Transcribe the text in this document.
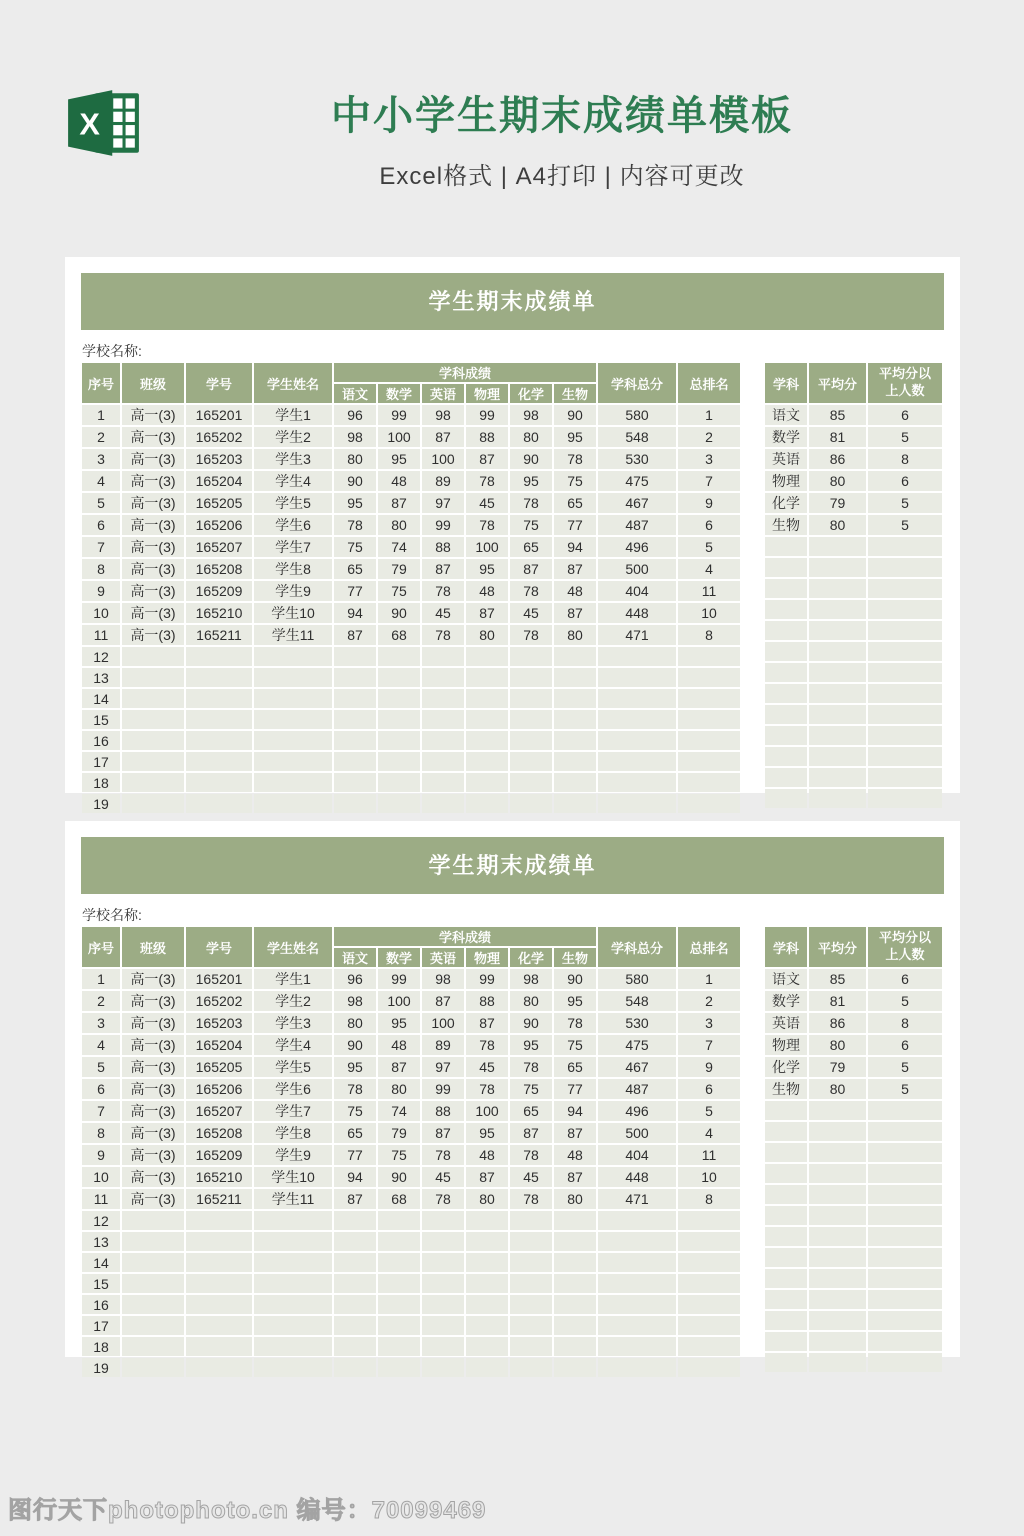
X	中小学生期末成绩单模板
Excel格式 | A4打印 | 内容可更改
学生期末成绩单
学校名称:
序号	班级	学号	学生姓名	学科成绩						学科总分	总排名
				语文	数学	英语	物理	化学	生物		
1	高一(3)	165201	学生1	96	99	98	99	98	90	580	1
2	高一(3)	165202	学生2	98	100	87	88	80	95	548	2
3	高一(3)	165203	学生3	80	95	100	87	90	78	530	3
4	高一(3)	165204	学生4	90	48	89	78	95	75	475	7
5	高一(3)	165205	学生5	95	87	97	45	78	65	467	9
6	高一(3)	165206	学生6	78	80	99	78	75	77	487	6
7	高一(3)	165207	学生7	75	74	88	100	65	94	496	5
8	高一(3)	165208	学生8	65	79	87	95	87	87	500	4
9	高一(3)	165209	学生9	77	75	78	48	78	48	404	11
10	高一(3)	165210	学生10	94	90	45	87	45	87	448	10
11	高一(3)	165211	学生11	87	68	78	80	78	80	471	8
12											
13											
14											
15											
16											
17											
18											
19											
学科	平均分	平均分以上人数
语文	85	6
数学	81	5
英语	86	8
物理	80	6
化学	79	5
生物	80	5

学生期末成绩单
学校名称:
序号	班级	学号	学生姓名	学科成绩						学科总分	总排名
				语文	数学	英语	物理	化学	生物		
1	高一(3)	165201	学生1	96	99	98	99	98	90	580	1
2	高一(3)	165202	学生2	98	100	87	88	80	95	548	2
3	高一(3)	165203	学生3	80	95	100	87	90	78	530	3
4	高一(3)	165204	学生4	90	48	89	78	95	75	475	7
5	高一(3)	165205	学生5	95	87	97	45	78	65	467	9
6	高一(3)	165206	学生6	78	80	99	78	75	77	487	6
7	高一(3)	165207	学生7	75	74	88	100	65	94	496	5
8	高一(3)	165208	学生8	65	79	87	95	87	87	500	4
9	高一(3)	165209	学生9	77	75	78	48	78	48	404	11
10	高一(3)	165210	学生10	94	90	45	87	45	87	448	10
11	高一(3)	165211	学生11	87	68	78	80	78	80	471	8
12											
13											
14											
15											
16											
17											
18											
19											
学科	平均分	平均分以上人数
语文	85	6
数学	81	5
英语	86	8
物理	80	6
化学	79	5
生物	80	5

图行天下photophoto.cn 编号：70099469
